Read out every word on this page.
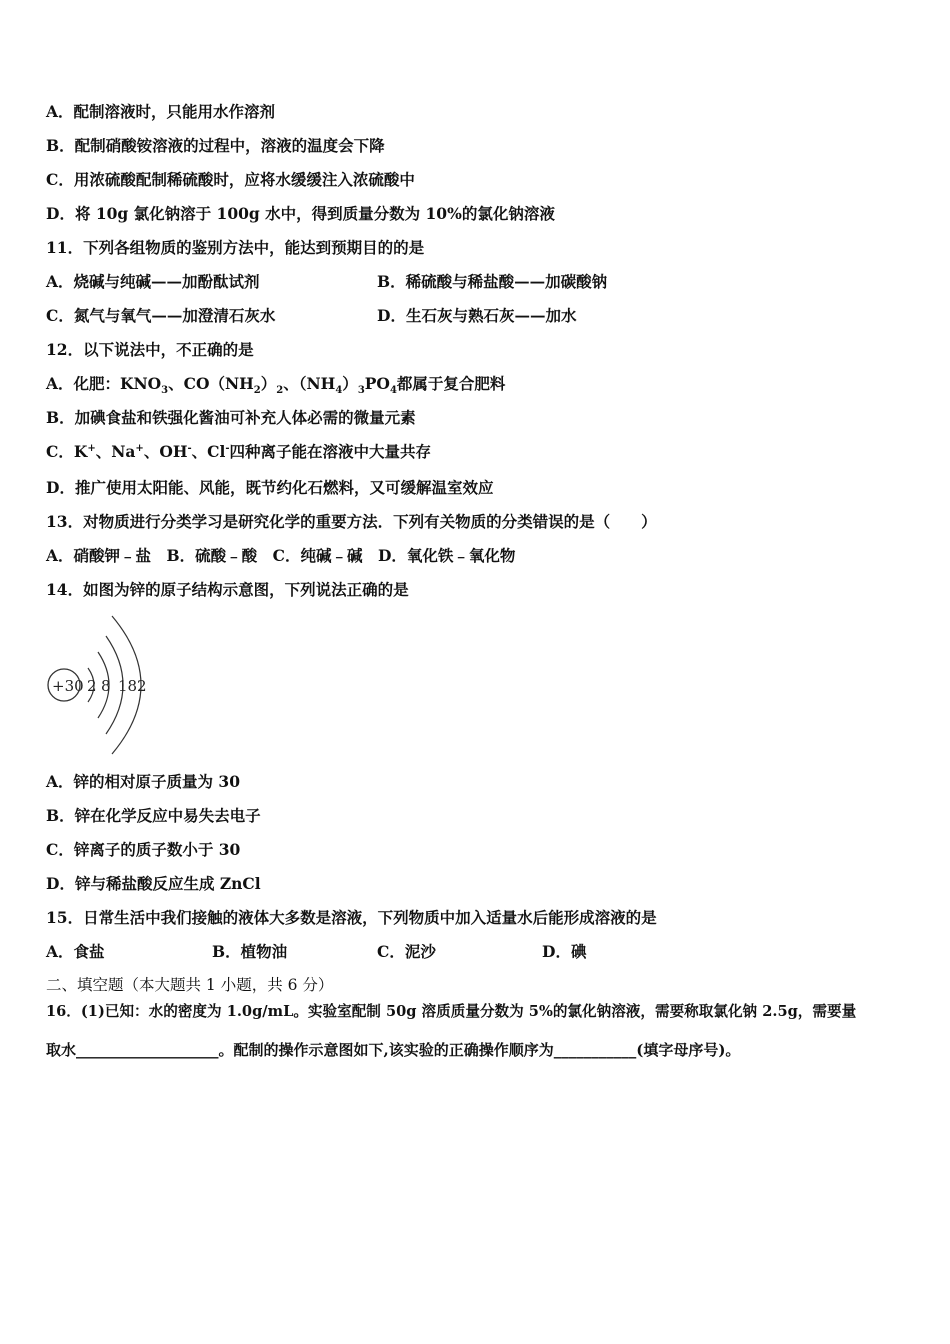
A．配制溶液时，只能用水作溶剂
B．配制硝酸铵溶液的过程中，溶液的温度会下降
C．用浓硫酸配制稀硫酸时，应将水缓缓注入浓硫酸中
D．将 10g 氯化钠溶于 100g 水中，得到质量分数为 10%的氯化钠溶液
11．下列各组物质的鉴别方法中，能达到预期目的的是
A．烧碱与纯碱——加酚酞试剂	B．稀硫酸与稀盐酸——加碳酸钠
C．氮气与氧气——加澄清石灰水	D．生石灰与熟石灰——加水
12．以下说法中，不正确的是
A．化肥：$KNO_3$、$CO(NH_2)_2$、$(NH_4)_3PO_4$都属于复合肥料
B．加碘食盐和铁强化酱油可补充人体必需的微量元素
C．K+、Na+、OH-、Cl-四种离子能在溶液中大量共存
D．推广使用太阳能、风能，既节约化石燃料，又可缓解温室效应
13．对物质进行分类学习是研究化学的重要方法．下列有关物质的分类错误的是（　　）
A．硝酸钾﹣盐　B．硫酸﹣酸　C．纯碱﹣碱　D．氧化铁﹣氧化物
14．如图为锌的原子结构示意图，下列说法正确的是
+30 2 8 18 2
A．锌的相对原子质量为 30
B．锌在化学反应中易失去电子
C．锌离子的质子数小于 30
D．锌与稀盐酸反应生成 ZnCl
15．日常生活中我们接触的液体大多数是溶液，下列物质中加入适量水后能形成溶液的是
A．食盐	B．植物油	C．泥沙	D．碘
二、填空题（本大题共 1 小题，共 6 分）
16．(1)已知：水的密度为 1.0g/mL。实验室配制 50g 溶质质量分数为 5%的氯化钠溶液，需要称取氯化钠 2.5g，需要量
取水___________________。配制的操作示意图如下,该实验的正确操作顺序为___________(填字母序号)。
